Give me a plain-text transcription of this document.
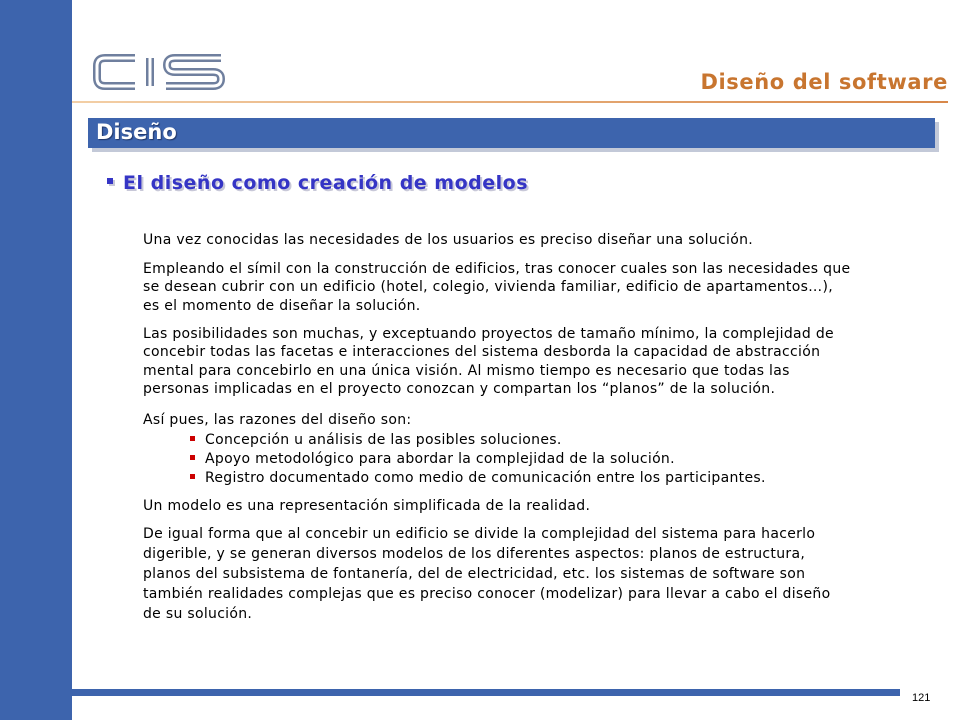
Diseño del software
Diseño
El diseño como creación de modelos
Una vez conocidas las necesidades de los usuarios es preciso diseñar una solución.
Empleando el símil con la construcción de edificios, tras conocer cuales son las necesidades que
se desean cubrir con un edificio (hotel, colegio, vivienda familiar, edificio de apartamentos…),
es el momento de diseñar la solución.
Las posibilidades son muchas, y exceptuando proyectos de tamaño mínimo, la complejidad de
concebir todas las facetas e interacciones del sistema desborda la capacidad de abstracción
mental para concebirlo en una única visión. Al mismo tiempo es necesario que todas las
personas implicadas en el proyecto conozcan y compartan los “planos” de la solución.
Así pues, las razones del diseño son:
Concepción u análisis de las posibles soluciones.
Apoyo metodológico para abordar la complejidad de la solución.
Registro documentado como medio de comunicación entre los participantes.
Un modelo es una representación simplificada de la realidad.
De igual forma que al concebir un edificio se divide la complejidad del sistema para hacerlo
digerible, y se generan diversos modelos de los diferentes aspectos: planos de estructura,
planos del subsistema de fontanería, del de electricidad, etc. los sistemas de software son
también realidades complejas que es preciso conocer (modelizar) para llevar a cabo el diseño
de su solución.
121
